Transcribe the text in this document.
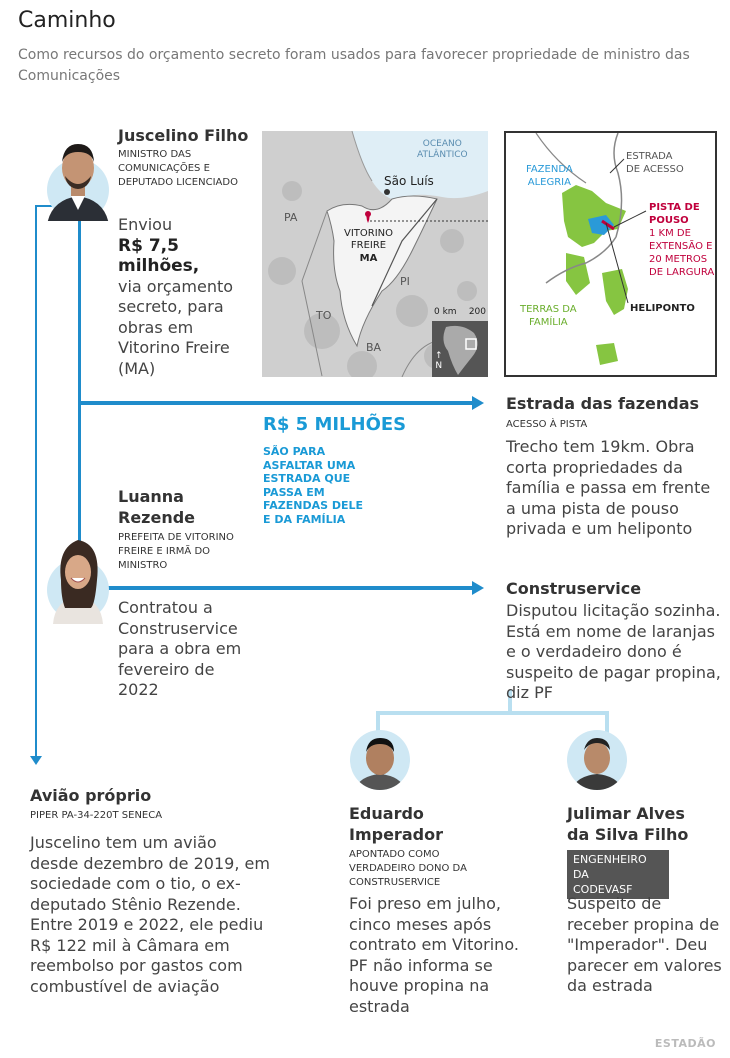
Caminho
Como recursos do orçamento secreto foram usados para favorecer propriedade de ministro das Comunicações
Juscelino Filho
MINISTRO DAS
COMUNICAÇÕES E
DEPUTADO LICENCIADO
Enviou
R$ 7,5 milhões,
via orçamento secreto, para obras em Vitorino Freire (MA)
OCEANO
ATLÂNTICO
São Luís
VITORINO
FREIRE
MA
PA
PI
TO
BA
0 km 200
↑
N
FAZENDA
ALEGRIA
ESTRADA
DE ACESSO
PISTA DE
POUSO
1 KM DE
EXTENSÃO E
20 METROS
DE LARGURA
HELIPONTO
TERRAS DA
FAMÍLIA
R$ 5 MILHÕES
SÃO PARA
ASFALTAR UMA
ESTRADA QUE
PASSA EM
FAZENDAS DELE
E DA FAMÍLIA
Estrada das fazendas
ACESSO À PISTA
Trecho tem 19km. Obra corta propriedades da família e passa em frente a uma pista de pouso privada e um heliponto
Luanna
Rezende
PREFEITA DE VITORINO
FREIRE E IRMÃ DO
MINISTRO
Contratou a Construservice para a obra em fevereiro de 2022
Construservice
Disputou licitação sozinha. Está em nome de laranjas e o verdadeiro dono é suspeito de pagar propina, diz PF
Eduardo
Imperador
APONTADO COMO
VERDADEIRO DONO DA
CONSTRUSERVICE
Foi preso em julho, cinco meses após contrato em Vitorino. PF não informa se houve propina na estrada
Julimar Alves
da Silva Filho
ENGENHEIRO DA
CODEVASF
Suspeito de receber propina de "Imperador". Deu parecer em valores da estrada
Avião próprio
PIPER PA-34-220T SENECA
Juscelino tem um avião desde dezembro de 2019, em sociedade com o tio, o ex-deputado Stênio Rezende. Entre 2019 e 2022, ele pediu R$ 122 mil à Câmara em reembolso por gastos com combustível de aviação
ESTADÃO
